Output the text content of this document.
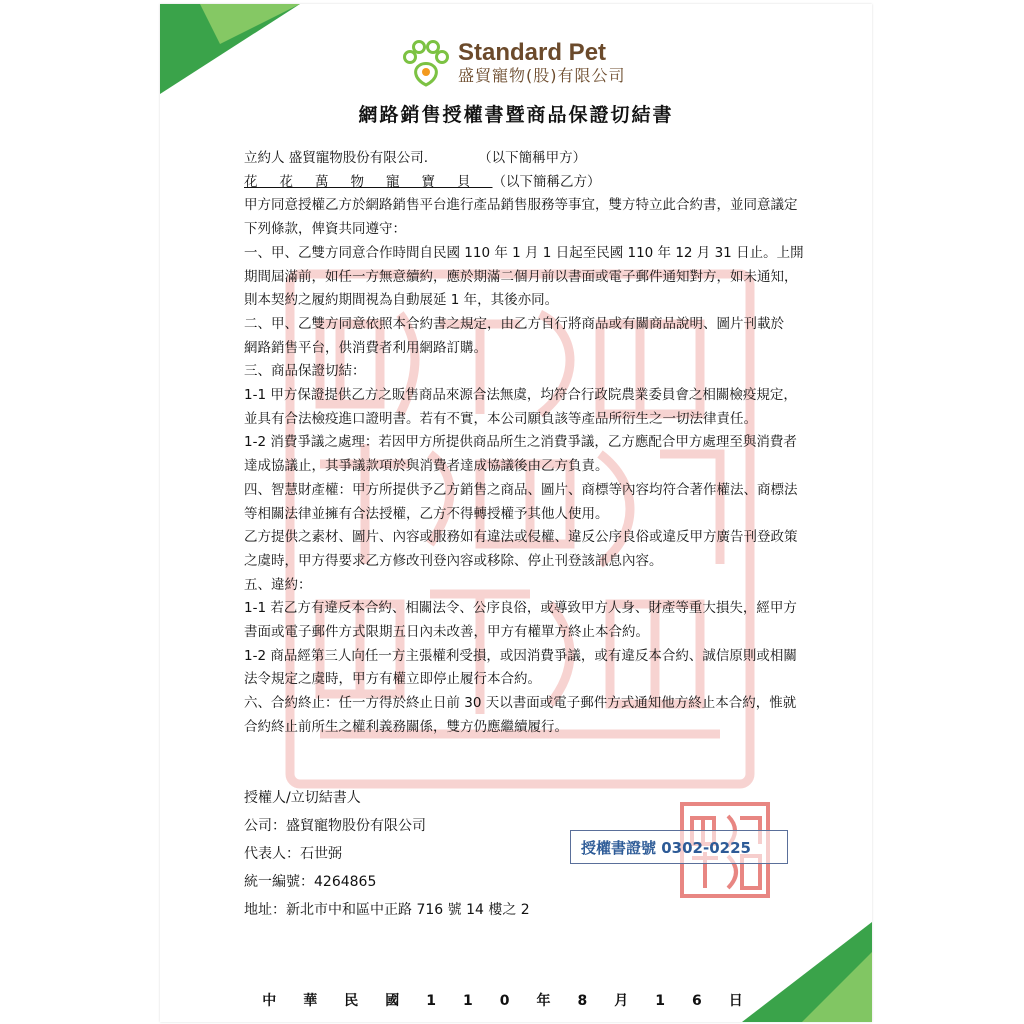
Standard Pet
盛貿寵物(股)有限公司
網路銷售授權書暨商品保證切結書

立約人 盛貿寵物股份有限公司.	（以下簡稱甲方）

花花萬物寵寶貝（以下簡稱乙方）

甲方同意授權乙方於網路銷售平台進行產品銷售服務等事宜，雙方特立此合約書，並同意議定

下列條款，俾資共同遵守：

一、甲、乙雙方同意合作時間自民國 110 年 1 月 1 日起至民國 110 年 12 月 31 日止。上開

期間屆滿前，如任一方無意續約，應於期滿二個月前以書面或電子郵件通知對方，如未通知，

則本契約之履約期間視為自動展延 1 年，其後亦同。

二、甲、乙雙方同意依照本合約書之規定，由乙方自行將商品或有關商品說明、圖片刊載於

網路銷售平台，供消費者利用網路訂購。

三、商品保證切結：

1-1 甲方保證提供乙方之販售商品來源合法無虞，均符合行政院農業委員會之相關檢疫規定，

並具有合法檢疫進口證明書。若有不實，本公司願負該等產品所衍生之一切法律責任。

1-2 消費爭議之處理：若因甲方所提供商品所生之消費爭議，乙方應配合甲方處理至與消費者

達成協議止，其爭議款項於與消費者達成協議後由乙方負責。

四、智慧財產權：甲方所提供予乙方銷售之商品、圖片、商標等內容均符合著作權法、商標法

等相關法律並擁有合法授權，乙方不得轉授權予其他人使用。

乙方提供之素材、圖片、內容或服務如有違法或侵權、違反公序良俗或違反甲方廣告刊登政策

之虞時，甲方得要求乙方修改刊登內容或移除、停止刊登該訊息內容。

五、違約：

1-1 若乙方有違反本合約、相關法令、公序良俗，或導致甲方人身、財產等重大損失，經甲方

書面或電子郵件方式限期五日內未改善，甲方有權單方終止本合約。

1-2 商品經第三人向任一方主張權利受損，或因消費爭議，或有違反本合約、誠信原則或相關

法令規定之虞時，甲方有權立即停止履行本合約。

六、合約終止：任一方得於終止日前 30 天以書面或電子郵件方式通知他方終止本合約，惟就

合約終止前所生之權利義務關係，雙方仍應繼續履行。

授權人/立切結書人

公司：盛貿寵物股份有限公司

代表人：石世弼

統一編號：4264865

地址：新北市中和區中正路 716 號 14 樓之 2

授權書證號 0302-0225
中華民國110年8月16日
